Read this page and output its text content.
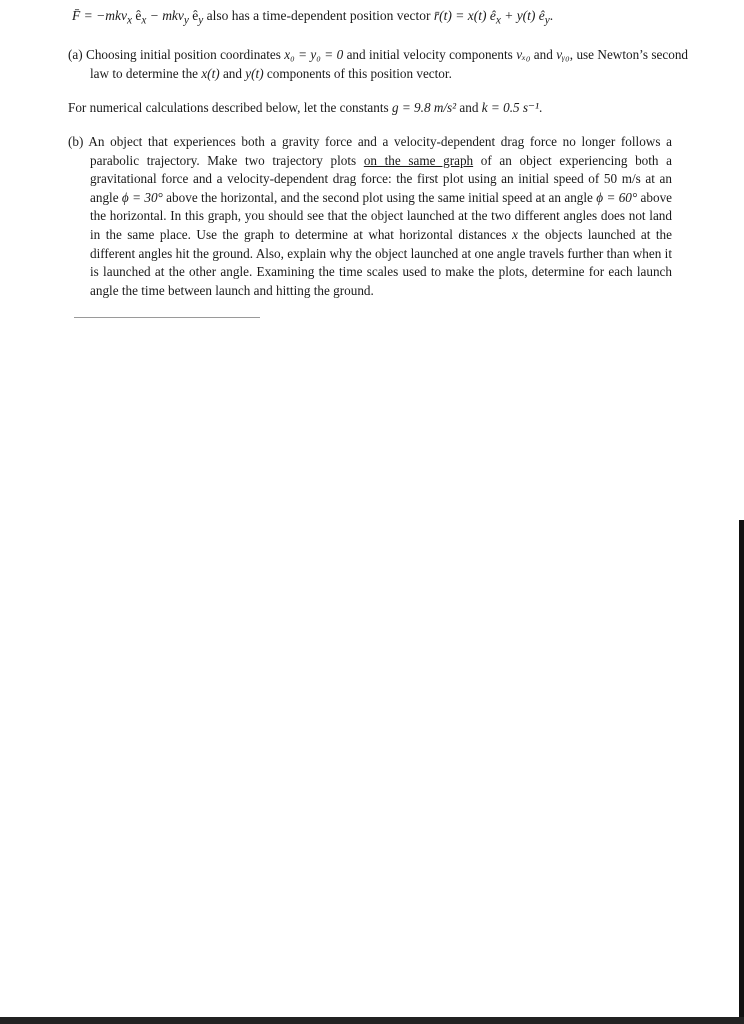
F̄ = −mkv$_x$ $ê_x - mkv_y$ $ê_y$ also has a time-dependent position vector r̄(t) = x(t) $ê_x + y(t)$ $ê_y$.
(a) Choosing initial position coordinates x₀ = y₀ = 0 and initial velocity components vₓ₀ and vᵧ₀, use Newton’s second law to determine the x(t) and y(t) components of this position vector.
For numerical calculations described below, let the constants g = 9.8 m/s² and k = 0.5 s⁻¹.
(b) An object that experiences both a gravity force and a velocity-dependent drag force no longer follows a parabolic trajectory. Make two trajectory plots on the same graph of an object experiencing both a gravitational force and a velocity-dependent drag force: the first plot using an initial speed of 50 m/s at an angle ϕ = 30° above the horizontal, and the second plot using the same initial speed at an angle ϕ = 60° above the horizontal. In this graph, you should see that the object launched at the two different angles does not land in the same place. Use the graph to determine at what horizontal distances x the objects launched at the different angles hit the ground. Also, explain why the object launched at one angle travels further than when it is launched at the other angle. Examining the time scales used to make the plots, determine for each launch angle the time between launch and hitting the ground.
